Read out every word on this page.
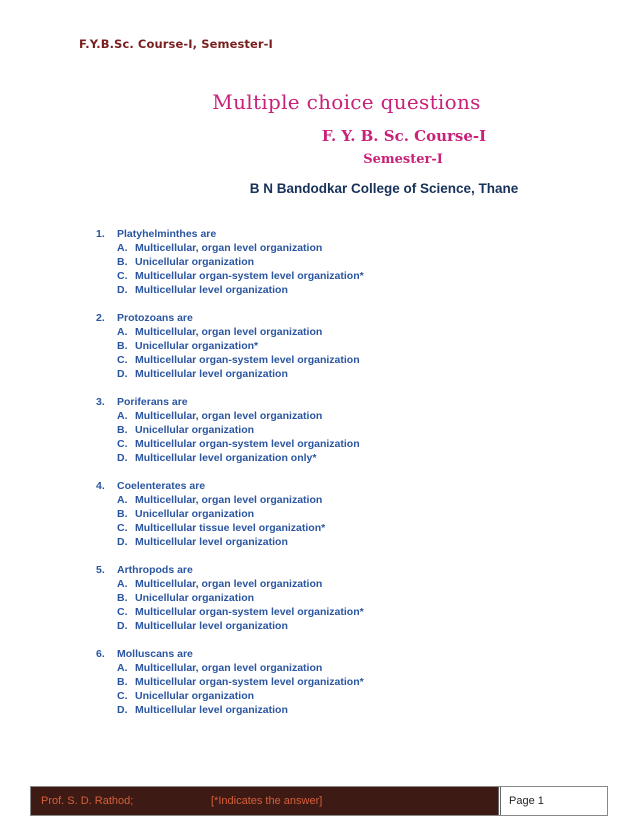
F.Y.B.Sc. Course-I, Semester-I
Multiple choice questions
F. Y. B. Sc. Course-I
Semester-I
B N Bandodkar College of Science, Thane
1. Platyhelminthes are
A. Multicellular, organ level organization
B. Unicellular organization
C. Multicellular organ-system level organization*
D. Multicellular level organization
2. Protozoans are
A. Multicellular, organ level organization
B. Unicellular organization*
C. Multicellular organ-system level organization
D. Multicellular level organization
3. Poriferans are
A. Multicellular, organ level organization
B. Unicellular organization
C. Multicellular organ-system level organization
D. Multicellular level organization only*
4. Coelenterates are
A. Multicellular, organ level organization
B. Unicellular organization
C. Multicellular tissue level organization*
D. Multicellular level organization
5. Arthropods are
A. Multicellular, organ level organization
B. Unicellular organization
C. Multicellular organ-system level organization*
D. Multicellular level organization
6. Molluscans are
A. Multicellular, organ level organization
B. Multicellular organ-system level organization*
C. Unicellular organization
D. Multicellular level organization
Prof. S. D. Rathod;	[*Indicates the answer]	Page 1
